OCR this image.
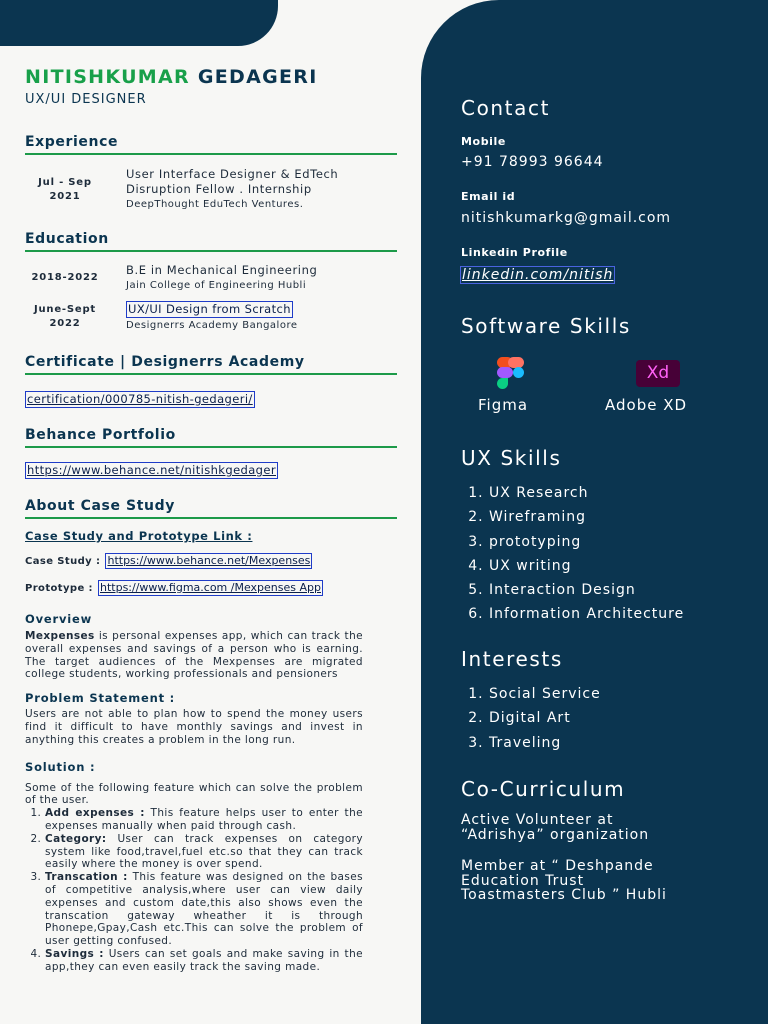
NITISHKUMAR GEDAGERI
UX/UI DESIGNER
Experience
Jul - Sep
2021
User Interface Designer & EdTech
Disruption Fellow . Internship
DeepThought EduTech Ventures.
Education
2018-2022
B.E in Mechanical Engineering
Jain College of Engineering Hubli
June-Sept
2022
UX/UI Design from Scratch
Designerrs Academy Bangalore
Certificate | Designerrs Academy
certification/000785-nitish-gedageri/
Behance Portfolio
https://www.behance.net/nitishkgedager
About Case Study
Case Study and Prototype Link :
Case Study : https://www.behance.net/Mexpenses
Prototype : https://www.figma.com /Mexpenses App
Overview
Mexpenses is personal expenses app, which can track the overall expenses and savings of a person who is earning. The target audiences of the Mexpenses are migrated college students, working professionals and pensioners
Problem Statement :
Users are not able to plan how to spend the money users find it difficult to have monthly savings and invest in anything this creates a problem in the long run.
Solution :
Some of the following feature which can solve the problem of the user.
1. Add expenses : This feature helps user to enter the expenses manually when paid through cash.
2. Category: User can track expenses on category system like food,travel,fuel etc.so that they can track easily where the money is over spend.
3. Transcation : This feature was designed on the bases of competitive analysis,where user can view daily expenses and custom date,this also shows even the transcation gateway wheather it is through Phonepe,Gpay,Cash etc.This can solve the problem of user getting confused.
4. Savings : Users can set goals and make saving in the app,they can even easily track the saving made.
Contact
Mobile
+91 78993 96644
Email id
nitishkumarkg@gmail.com
Linkedin Profile
linkedin.com/nitish
Software Skills
Figma
Xd
Adobe XD
UX Skills
1. UX Research
2. Wireframing
3. prototyping
4. UX writing
5. Interaction Design
6. Information Architecture
Interests
1. Social Service
2. Digital Art
3. Traveling
Co-Curriculum
Active Volunteer at
“Adrishya” organization
Member at “ Deshpande
Education Trust
Toastmasters Club ” Hubli
